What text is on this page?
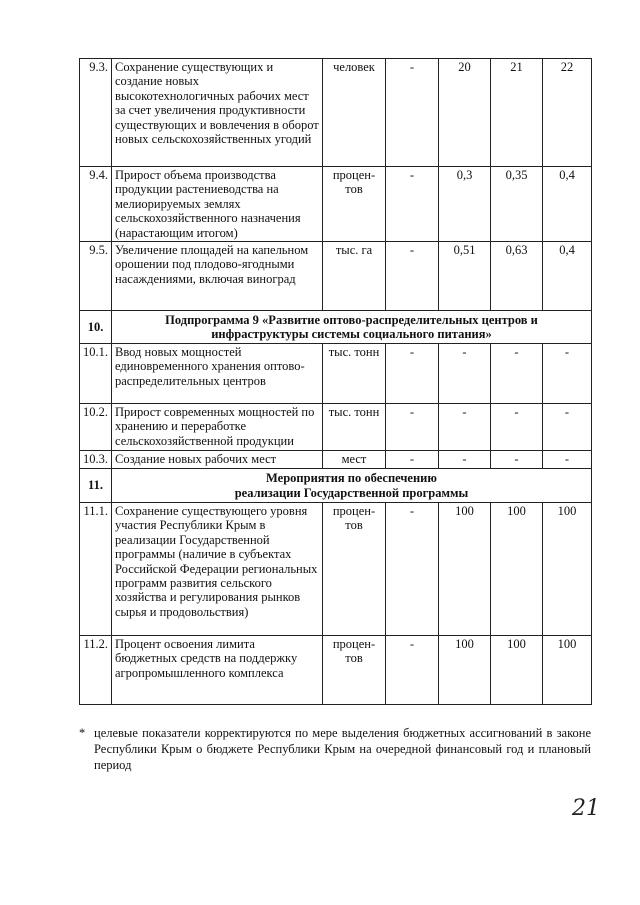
9.3.	Сохранение существующих и создание новых высокотехнологичных рабочих мест за счет увеличения продуктивности существующих и вовлечения в оборот новых сельскохозяйственных угодий	человек	-	20	21	22
9.4.	Прирост объема производства продукции растениеводства на мелиорируемых землях сельскохозяйственного назначения (нарастающим итогом)	процен-тов	-	0,3	0,35	0,4
9.5.	Увеличение площадей на капельном орошении под плодово-ягодными насаждениями, включая виноград	тыс. га	-	0,51	0,63	0,4
10.	Подпрограмма 9 «Развитие оптово-распределительных центров и
инфраструктуры системы социального питания»					

10.1.	Ввод новых мощностей единовременного хранения оптово-распределительных центров	тыс. тонн	-	-	-	-
10.2.	Прирост современных мощностей по хранению и переработке сельскохозяйственной продукции	тыс. тонн	-	-	-	-
10.3.	Создание новых рабочих мест	мест	-	-	-	-
11.	Мероприятия по обеспечению
реализации Государственной программы					

11.1.	Сохранение существующего уровня участия Республики Крым в реализации Государственной программы (наличие в субъектах Российской Федерации региональных программ развития сельского хозяйства и регулирования рынков сырья и продовольствия)	процен-тов	-	100	100	100
11.2.	Процент освоения лимита бюджетных средств на поддержку агропромышленного комплекса	процен-тов	-	100	100	100
* целевые показатели корректируются по мере выделения бюджетных ассигнований в законе Республики Крым о бюджете Республики Крым на очередной финансовый год и плановый период
21
